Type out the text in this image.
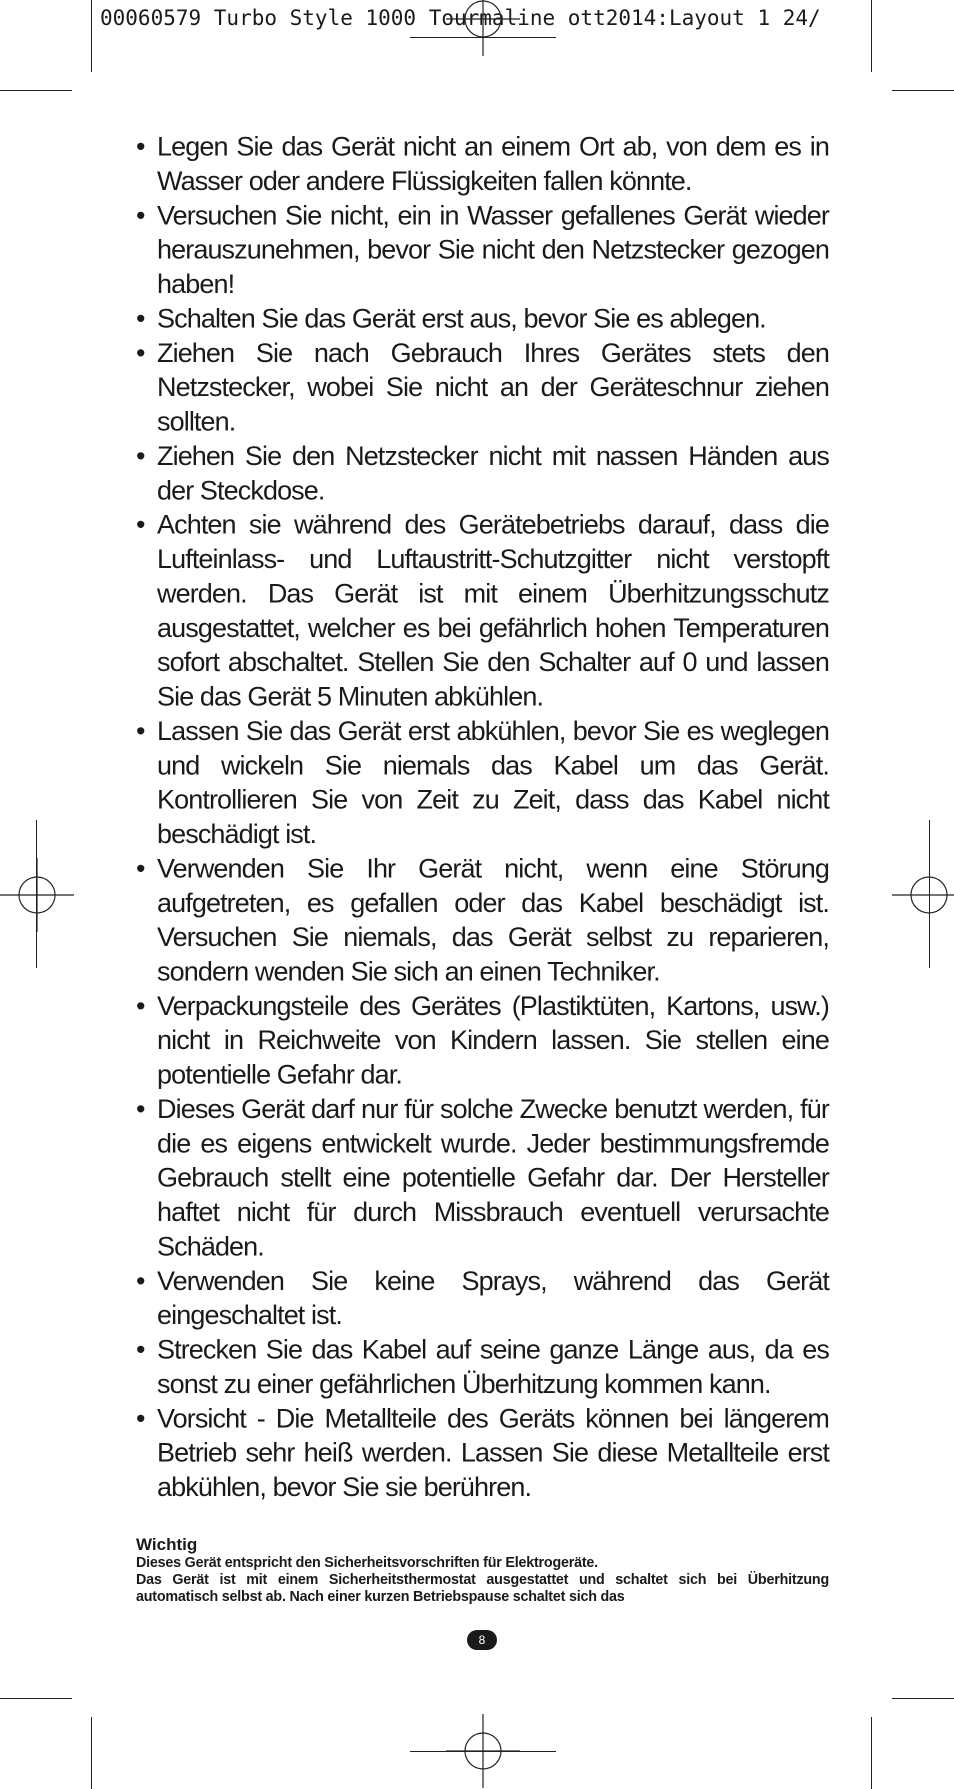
00060579 Turbo Style 1000 Tourmaline ott2014:Layout 1 24/
• Legen Sie das Gerät nicht an einem Ort ab, von dem es in Wasser oder andere Flüssigkeiten fallen könnte.
• Versuchen Sie nicht, ein in Wasser gefallenes Gerät wieder herauszunehmen, bevor Sie nicht den Netzstecker gezogen haben!
• Schalten Sie das Gerät erst aus, bevor Sie es ablegen.
• Ziehen Sie nach Gebrauch Ihres Gerätes stets den Netzstecker, wobei Sie nicht an der Geräteschnur ziehen sollten.
• Ziehen Sie den Netzstecker nicht mit nassen Händen aus der Steckdose.
• Achten sie während des Gerätebetriebs darauf, dass die Lufteinlass- und Luftaustritt-Schutzgitter nicht verstopft werden. Das Gerät ist mit einem Überhitzungsschutz ausgestattet, welcher es bei gefährlich hohen Temperaturen sofort abschaltet. Stellen Sie den Schalter auf 0 und lassen Sie das Gerät 5 Minuten abkühlen.
• Lassen Sie das Gerät erst abkühlen, bevor Sie es weglegen und wickeln Sie niemals das Kabel um das Gerät. Kontrollieren Sie von Zeit zu Zeit, dass das Kabel nicht beschädigt ist.
• Verwenden Sie Ihr Gerät nicht, wenn eine Störung aufgetreten, es gefallen oder das Kabel beschädigt ist. Versuchen Sie niemals, das Gerät selbst zu reparieren, sondern wenden Sie sich an einen Techniker.
• Verpackungsteile des Gerätes (Plastiktüten, Kartons, usw.) nicht in Reichweite von Kindern lassen. Sie stellen eine potentielle Gefahr dar.
• Dieses Gerät darf nur für solche Zwecke benutzt werden, für die es eigens entwickelt wurde. Jeder bestimmungsfremde Gebrauch stellt eine potentielle Gefahr dar. Der Hersteller haftet nicht für durch Missbrauch eventuell verursachte Schäden.
• Verwenden Sie keine Sprays, während das Gerät eingeschaltet ist.
• Strecken Sie das Kabel auf seine ganze Länge aus, da es sonst zu einer gefährlichen Überhitzung kommen kann.
• Vorsicht - Die Metallteile des Geräts können bei längerem Betrieb sehr heiß werden. Lassen Sie diese Metallteile erst abkühlen, bevor Sie sie berühren.
Wichtig

Dieses Gerät entspricht den Sicherheitsvorschriften für Elektrogeräte.

Das Gerät ist mit einem Sicherheitsthermostat ausgestattet und schaltet sich bei Überhitzung automatisch selbst ab. Nach einer kurzen Betriebspause schaltet sich das

8
